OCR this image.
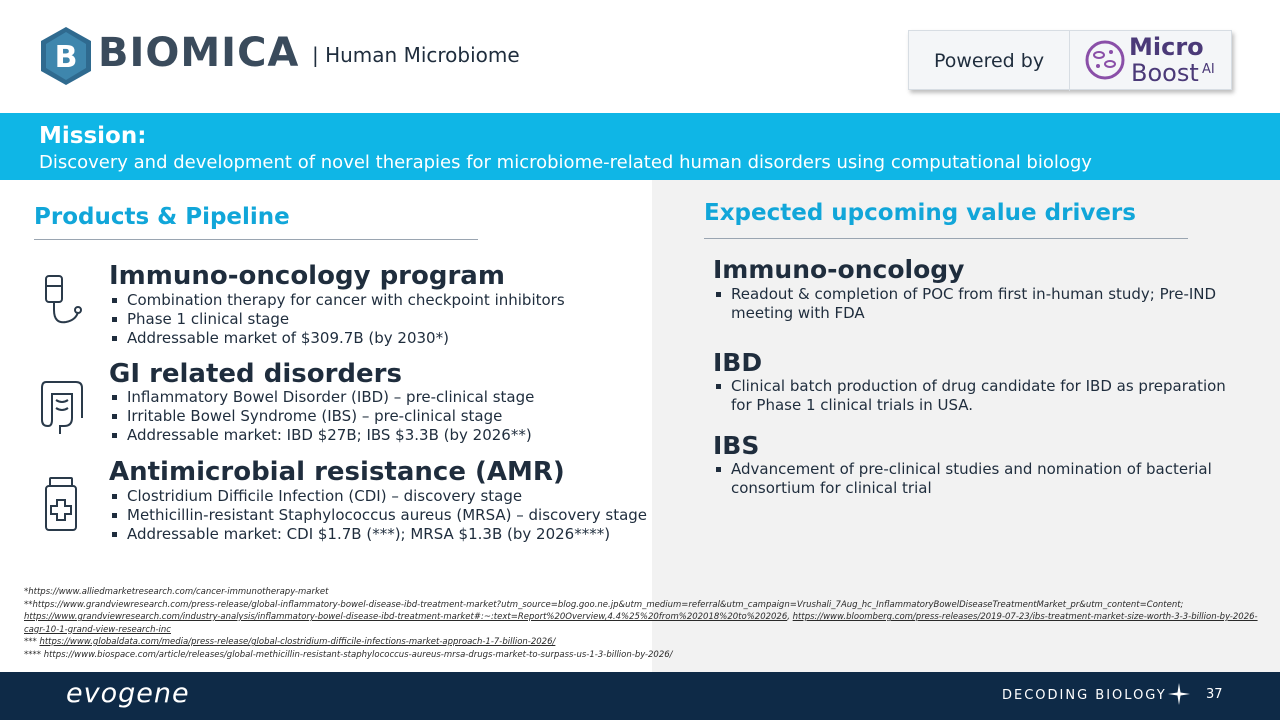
B BIOMICA | Human Microbiome	Powered by	Micro
Boost AI
Mission:
Discovery and development of novel therapies for microbiome-related human disorders using computational biology
Products & Pipeline
Immuno-oncology program
Combination therapy for cancer with checkpoint inhibitors
Phase 1 clinical stage
Addressable market of $309.7B (by 2030*)
GI related disorders
Inflammatory Bowel Disorder (IBD) – pre-clinical stage
Irritable Bowel Syndrome (IBS) – pre-clinical stage
Addressable market: IBD $27B; IBS $3.3B (by 2026**)
Antimicrobial resistance (AMR)
Clostridium Difficile Infection (CDI) – discovery stage
Methicillin-resistant Staphylococcus aureus (MRSA) – discovery stage
Addressable market: CDI $1.7B (***); MRSA $1.3B (by 2026****)
Expected upcoming value drivers
Immuno-oncology
Readout & completion of POC from first in-human study; Pre-IND meeting with FDA
IBD
Clinical batch production of drug candidate for IBD as preparation for Phase 1 clinical trials in USA.
IBS
Advancement of pre-clinical studies and nomination of bacterial consortium for clinical trial
*https://www.alliedmarketresearch.com/cancer-immunotherapy-market
**https://www.grandviewresearch.com/press-release/global-inflammatory-bowel-disease-ibd-treatment-market?utm_source=blog.goo.ne.jp&utm_medium=referral&utm_campaign=Vrushali_7Aug_hc_InflammatoryBowelDiseaseTreatmentMarket_pr&utm_content=Content;
https://www.grandviewresearch.com/industry-analysis/inflammatory-bowel-disease-ibd-treatment-market#:~:text=Report%20Overview,4.4%25%20from%202018%20to%202026, https://www.bloomberg.com/press-releases/2019-07-23/ibs-treatment-market-size-worth-3-3-billion-by-2026-cagr-10-1-grand-view-research-inc
*** https://www.globaldata.com/media/press-release/global-clostridium-difficile-infections-market-approach-1-7-billion-2026/
**** https://www.biospace.com/article/releases/global-methicillin-resistant-staphylococcus-aureus-mrsa-drugs-market-to-surpass-us-1-3-billion-by-2026/
evogene	DECODING BIOLOGY	37
